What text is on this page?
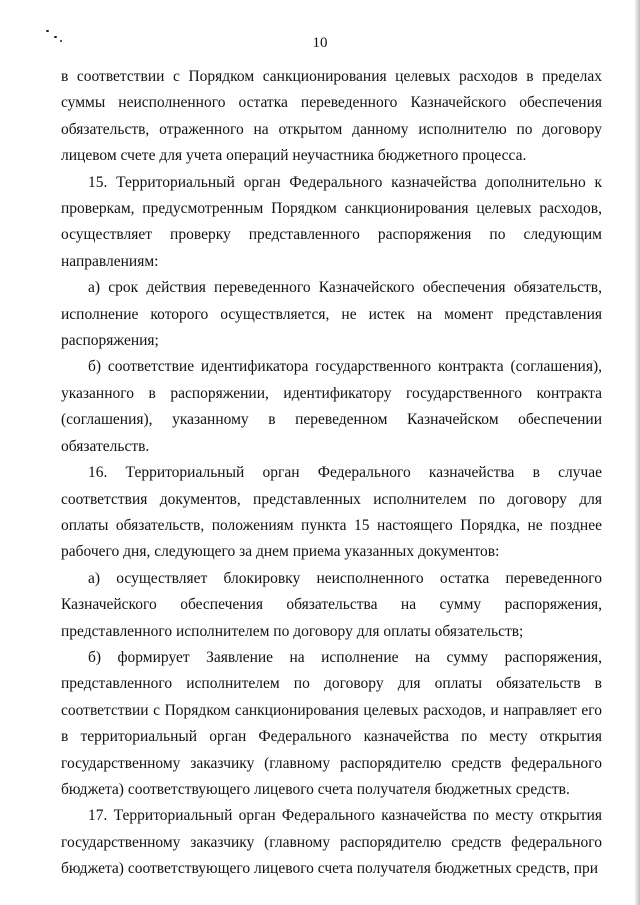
10

в соответствии с Порядком санкционирования целевых расходов в пределах суммы неисполненного остатка переведенного Казначейского обеспечения обязательств, отраженного на открытом данному исполнителю по договору лицевом счете для учета операций неучастника бюджетного процесса.

15. Территориальный орган Федерального казначейства дополнительно к проверкам, предусмотренным Порядком санкционирования целевых расходов, осуществляет проверку представленного распоряжения по следующим направлениям:

а) срок действия переведенного Казначейского обеспечения обязательств, исполнение которого осуществляется, не истек на момент представления распоряжения;

б) соответствие идентификатора государственного контракта (соглашения), указанного в распоряжении, идентификатору государственного контракта (соглашения), указанному в переведенном Казначейском обеспечении обязательств.

16. Территориальный орган Федерального казначейства в случае соответствия документов, представленных исполнителем по договору для оплаты обязательств, положениям пункта 15 настоящего Порядка, не позднее рабочего дня, следующего за днем приема указанных документов:

а) осуществляет блокировку неисполненного остатка переведенного Казначейского обеспечения обязательства на сумму распоряжения, представленного исполнителем по договору для оплаты обязательств;

б) формирует Заявление на исполнение на сумму распоряжения, представленного исполнителем по договору для оплаты обязательств в соответствии с Порядком санкционирования целевых расходов, и направляет его в территориальный орган Федерального казначейства по месту открытия государственному заказчику (главному распорядителю средств федерального бюджета) соответствующего лицевого счета получателя бюджетных средств.

17. Территориальный орган Федерального казначейства по месту открытия государственному заказчику (главному распорядителю средств федерального бюджета) соответствующего лицевого счета получателя бюджетных средств, при
